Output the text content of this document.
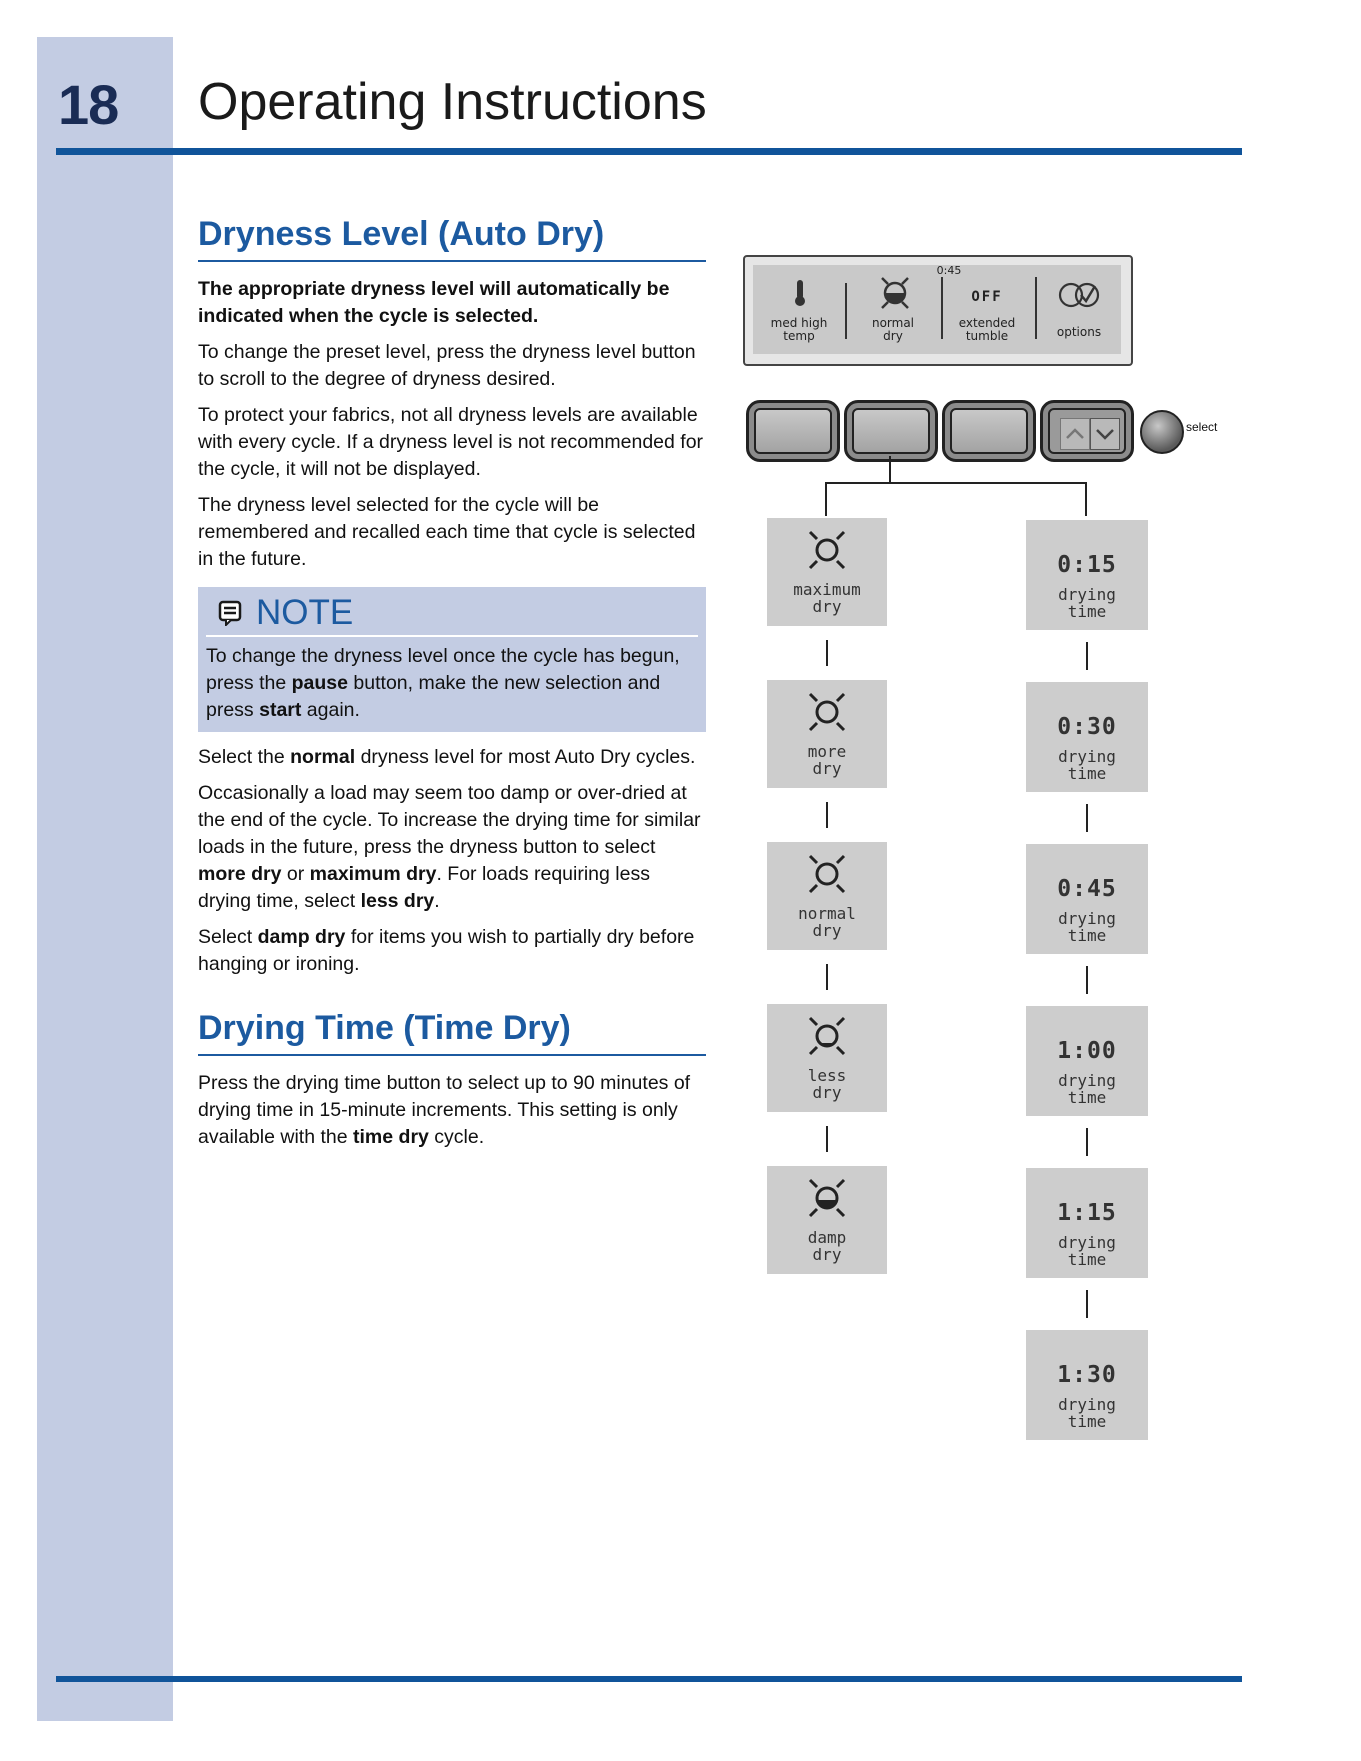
18 Operating Instructions
Dryness Level (Auto Dry)

The appropriate dryness level will automatically be indicated when the cycle is selected.

To change the preset level, press the dryness level button to scroll to the degree of dryness desired.

To protect your fabrics, not all dryness levels are available with every cycle. If a dryness level is not recommended for the cycle, it will not be displayed.

The dryness level selected for the cycle will be remembered and recalled each time that cycle is selected in the future.

NOTE

To change the dryness level once the cycle has begun, press the pause button, make the new selection and press start again.

Select the normal dryness level for most Auto Dry cycles.

Occasionally a load may seem too damp or over-dried at the end of the cycle. To increase the drying time for similar loads in the future, press the dryness button to select more dry or maximum dry. For loads requiring less drying time, select less dry.

Select damp dry for items you wish to partially dry before hanging or ironing.

Drying Time (Time Dry)

Press the drying time button to select up to 90 minutes of drying time in 15-minute increments. This setting is only available with the time dry cycle.

med high
temp
normal
dry
0:45
OFF
extended
tumble	options
select
maximum
dry
more
dry
normal
dry
less
dry
damp
dry
0:15
drying
time
0:30
drying
time
0:45
drying
time
1:00
drying
time
1:15
drying
time
1:30
drying
time
